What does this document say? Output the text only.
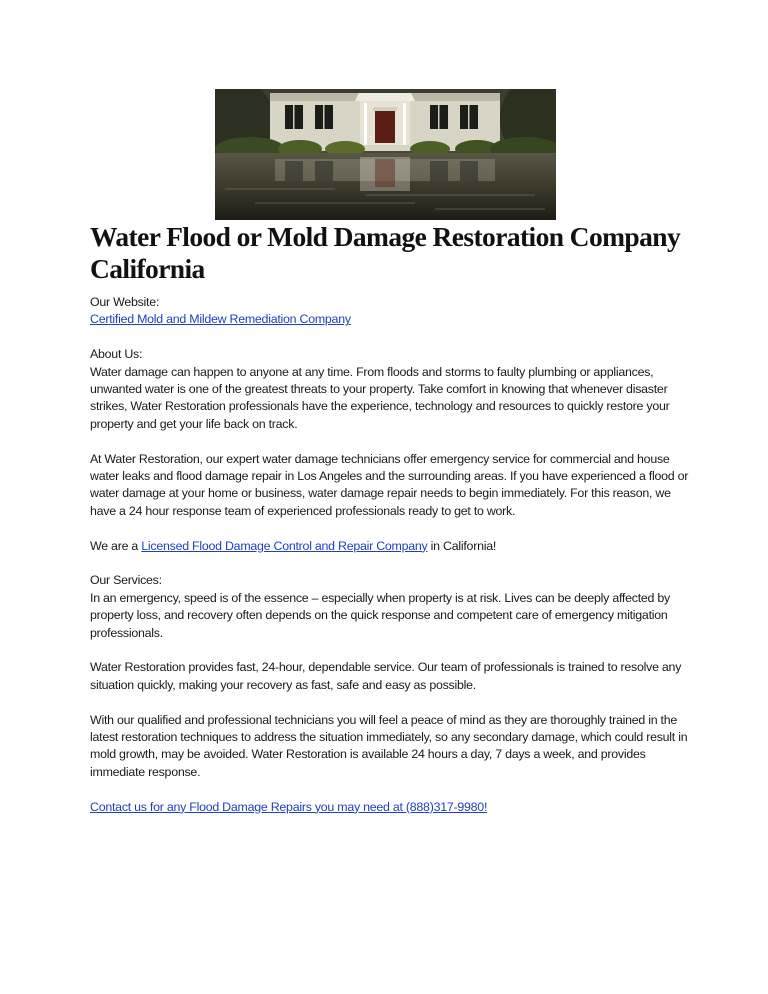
Water Flood or Mold Damage Restoration Company California

Our Website:
Certified Mold and Mildew Remediation Company

About Us:
Water damage can happen to anyone at any time. From floods and storms to faulty plumbing or appliances, unwanted water is one of the greatest threats to your property. Take comfort in knowing that whenever disaster strikes, Water Restoration professionals have the experience, technology and resources to quickly restore your property and get your life back on track.

At Water Restoration, our expert water damage technicians offer emergency service for commercial and house water leaks and flood damage repair in Los Angeles and the surrounding areas. If you have experienced a flood or water damage at your home or business, water damage repair needs to begin immediately. For this reason, we have a 24 hour response team of experienced professionals ready to get to work.

We are a Licensed Flood Damage Control and Repair Company in California!

Our Services:
In an emergency, speed is of the essence – especially when property is at risk. Lives can be deeply affected by property loss, and recovery often depends on the quick response and competent care of emergency mitigation professionals.

Water Restoration provides fast, 24-hour, dependable service. Our team of professionals is trained to resolve any situation quickly, making your recovery as fast, safe and easy as possible.

With our qualified and professional technicians you will feel a peace of mind as they are thoroughly trained in the latest restoration techniques to address the situation immediately, so any secondary damage, which could result in mold growth, may be avoided. Water Restoration is available 24 hours a day, 7 days a week, and provides immediate response.

Contact us for any Flood Damage Repairs you may need at (888)317-9980!
